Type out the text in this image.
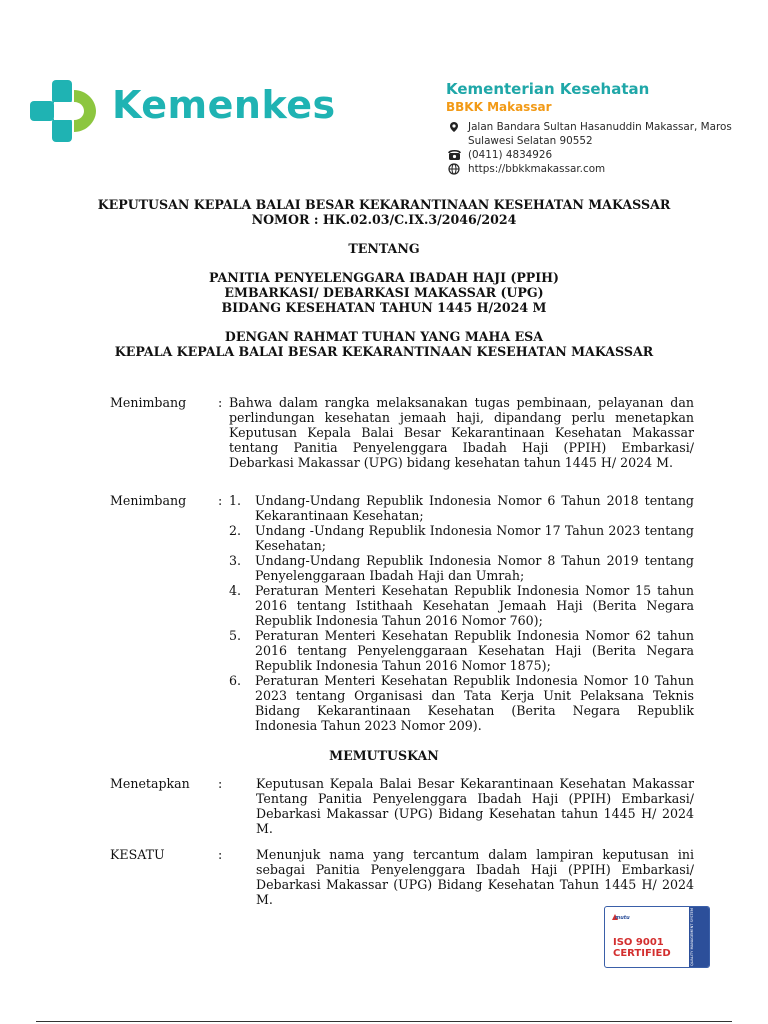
Kemenkes	Kementerian Kesehatan
BBKK Makassar
Jalan Bandara Sultan Hasanuddin Makassar, Maros
Sulawesi Selatan 90552
(0411) 4834926
https://bbkkmakassar.com
KEPUTUSAN KEPALA BALAI BESAR KEKARANTINAAN KESEHATAN MAKASSAR
NOMOR : HK.02.03/C.IX.3/2046/2024
TENTANG
PANITIA PENYELENGGARA IBADAH HAJI (PPIH)
EMBARKASI/ DEBARKASI MAKASSAR (UPG)
BIDANG KESEHATAN TAHUN 1445 H/2024 M
DENGAN RAHMAT TUHAN YANG MAHA ESA
KEPALA KEPALA BALAI BESAR KEKARANTINAAN KESEHATAN MAKASSAR
Menimbang	: Bahwa dalam rangka melaksanakan tugas pembinaan, pelayanan dan perlindungan kesehatan jemaah haji, dipandang perlu menetapkan Keputusan Kepala Balai Besar Kekarantinaan Kesehatan Makassar tentang Panitia Penyelenggara Ibadah Haji (PPIH) Embarkasi/ Debarkasi Makassar (UPG) bidang kesehatan tahun 1445 H/ 2024 M.
Menimbang	: 1. Undang-Undang Republik Indonesia Nomor 6 Tahun 2018 tentang Kekarantinaan Kesehatan;
2. Undang -Undang Republik Indonesia Nomor 17 Tahun 2023 tentang Kesehatan;
3. Undang-Undang Republik Indonesia Nomor 8 Tahun 2019 tentang Penyelenggaraan Ibadah Haji dan Umrah;
4. Peraturan Menteri Kesehatan Republik Indonesia Nomor 15 tahun 2016 tentang Istithaah Kesehatan Jemaah Haji (Berita Negara Republik Indonesia Tahun 2016 Nomor 760);
5. Peraturan Menteri Kesehatan Republik Indonesia Nomor 62 tahun 2016 tentang Penyelenggaraan Kesehatan Haji (Berita Negara Republik Indonesia Tahun 2016 Nomor 1875);
6. Peraturan Menteri Kesehatan Republik Indonesia Nomor 10 Tahun 2023 tentang Organisasi dan Tata Kerja Unit Pelaksana Teknis Bidang Kekarantinaan Kesehatan (Berita Negara Republik Indonesia Tahun 2023 Nomor 209).
MEMUTUSKAN
Menetapkan :	Keputusan Kepala Balai Besar Kekarantinaan Kesehatan Makassar Tentang Panitia Penyelenggara Ibadah Haji (PPIH) Embarkasi/ Debarkasi Makassar (UPG) Bidang Kesehatan tahun 1445 H/ 2024 M.
KESATU	:	Menunjuk nama yang tercantum dalam lampiran keputusan ini sebagai Panitia Penyelenggara Ibadah Haji (PPIH) Embarkasi/ Debarkasi Makassar (UPG) Bidang Kesehatan Tahun 1445 H/ 2024 M.
mutu
ISO 9001
CERTIFIED	QUALITY MANAGEMENT SYSTEM
